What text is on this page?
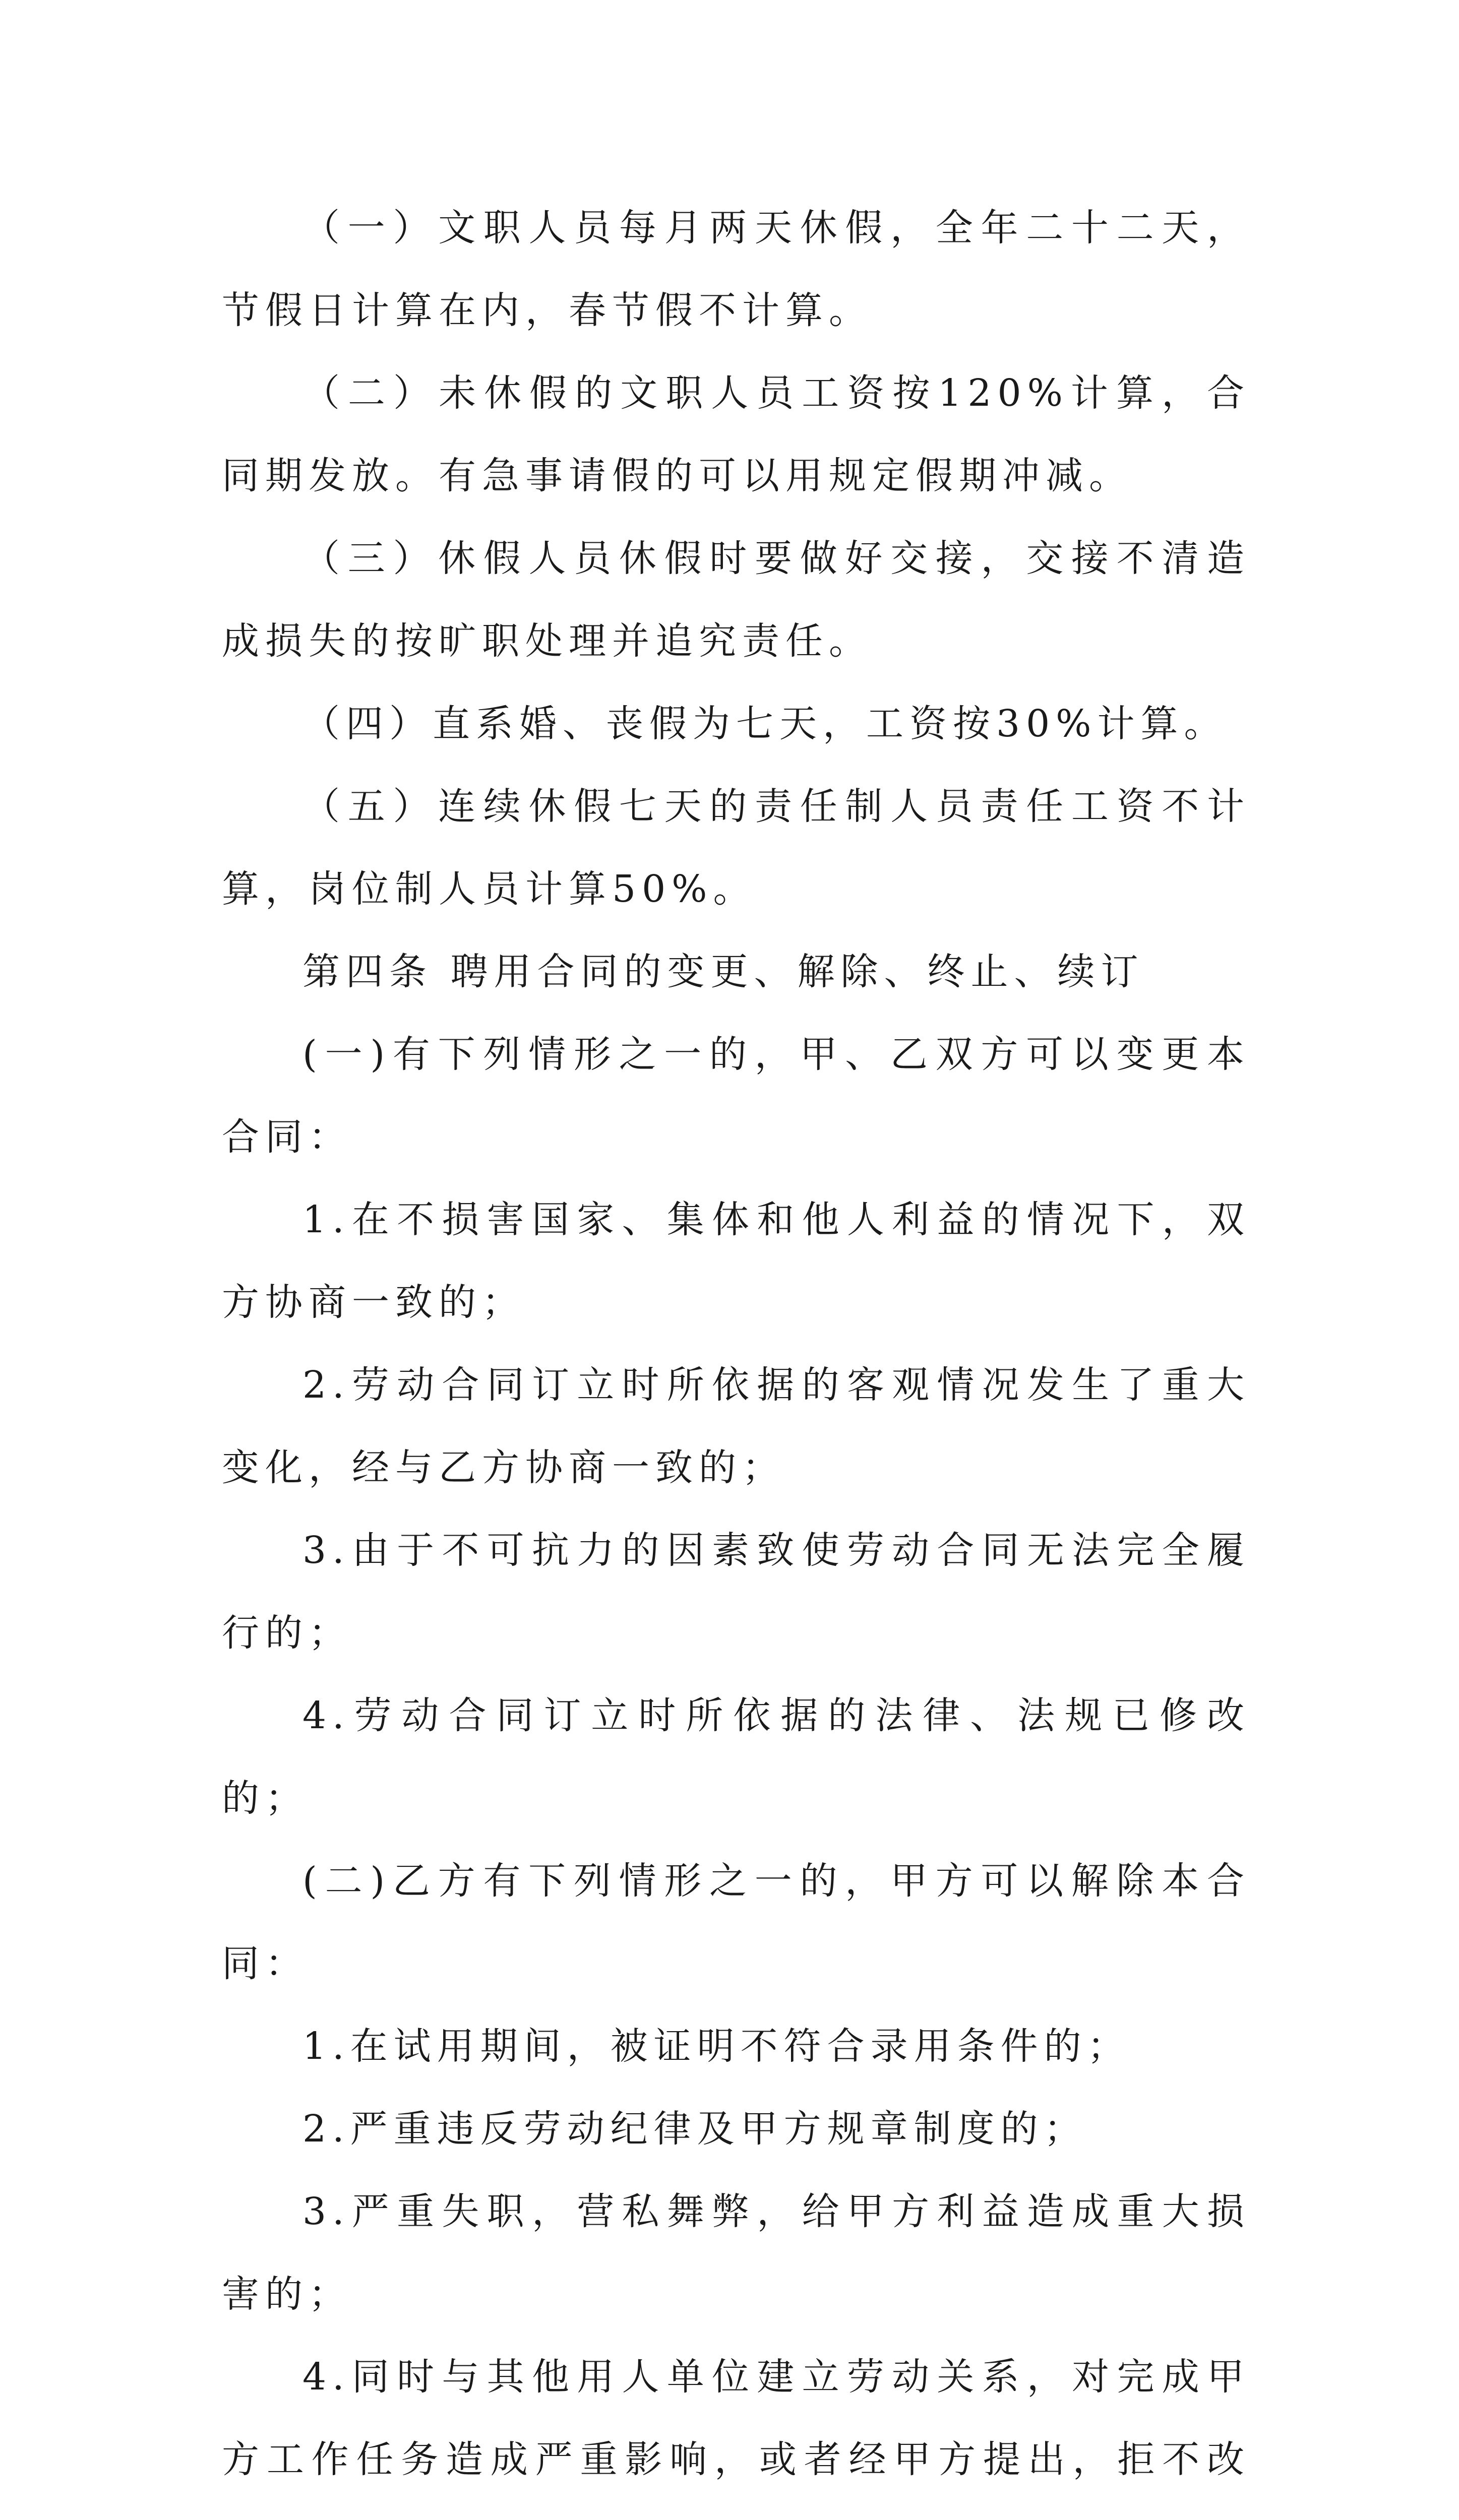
（一）文职人员每月两天休假，全年二十二天，节假日计算在内，春节假不计算。

（二）未休假的文职人员工资按120%计算，合同期发放。有急事请假的可以用规定假期冲减。

（三）休假人员休假时要做好交接，交接不清造成损失的按旷职处理并追究责任。

（四）直系婚、丧假为七天，工资按30%计算。

（五）连续休假七天的责任制人员责任工资不计算，岗位制人员计算50%。

第四条 聘用合同的变更、解除、终止、续订

(一)有下列情形之一的，甲、乙双方可以变更本合同：

1.在不损害国家、集体和他人利益的情况下，双方协商一致的；

2.劳动合同订立时所依据的客观情况发生了重大变化，经与乙方协商一致的；

3.由于不可抗力的因素致使劳动合同无法完全履行的；

4.劳动合同订立时所依据的法律、法规已修改的；

(二)乙方有下列情形之一的，甲方可以解除本合同：

1.在试用期间，被证明不符合录用条件的；

2.严重违反劳动纪律及甲方规章制度的；

3.严重失职，营私舞弊，给甲方利益造成重大损害的；

4.同时与其他用人单位建立劳动关系，对完成甲方工作任务造成严重影响，或者经甲方提出，拒不改
